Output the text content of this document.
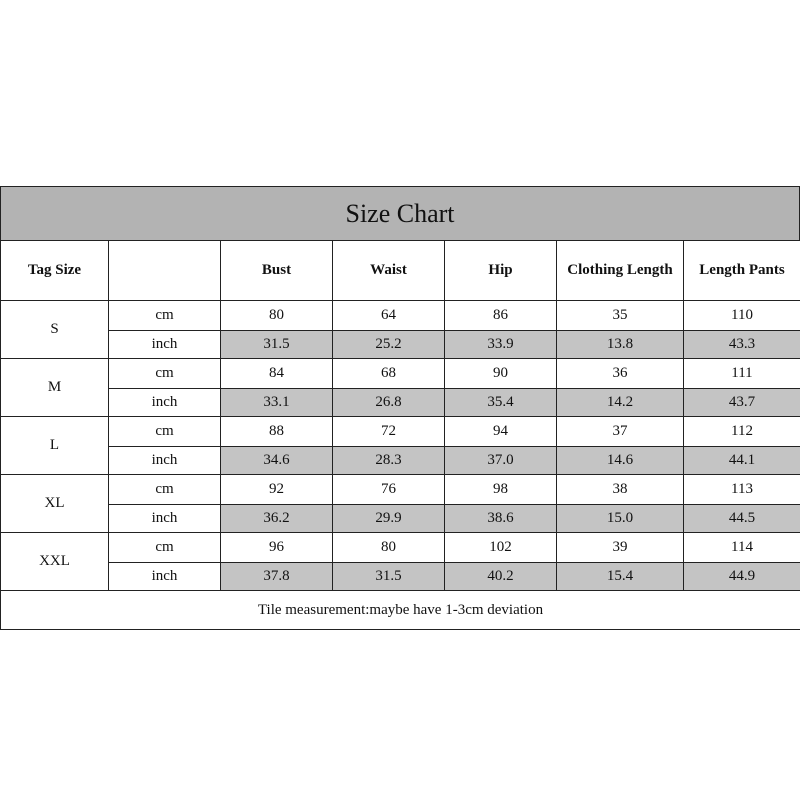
Size Chart
Tag Size		Bust	Waist	Hip	Clothing Length	Length Pants
S	cm	80	64	86	35	110
	inch	31.5	25.2	33.9	13.8	43.3
M	cm	84	68	90	36	111
	inch	33.1	26.8	35.4	14.2	43.7
L	cm	88	72	94	37	112
	inch	34.6	28.3	37.0	14.6	44.1
XL	cm	92	76	98	38	113
	inch	36.2	29.9	38.6	15.0	44.5
XXL	cm	96	80	102	39	114
	inch	37.8	31.5	40.2	15.4	44.9
Tile measurement:maybe have 1-3cm deviation						
